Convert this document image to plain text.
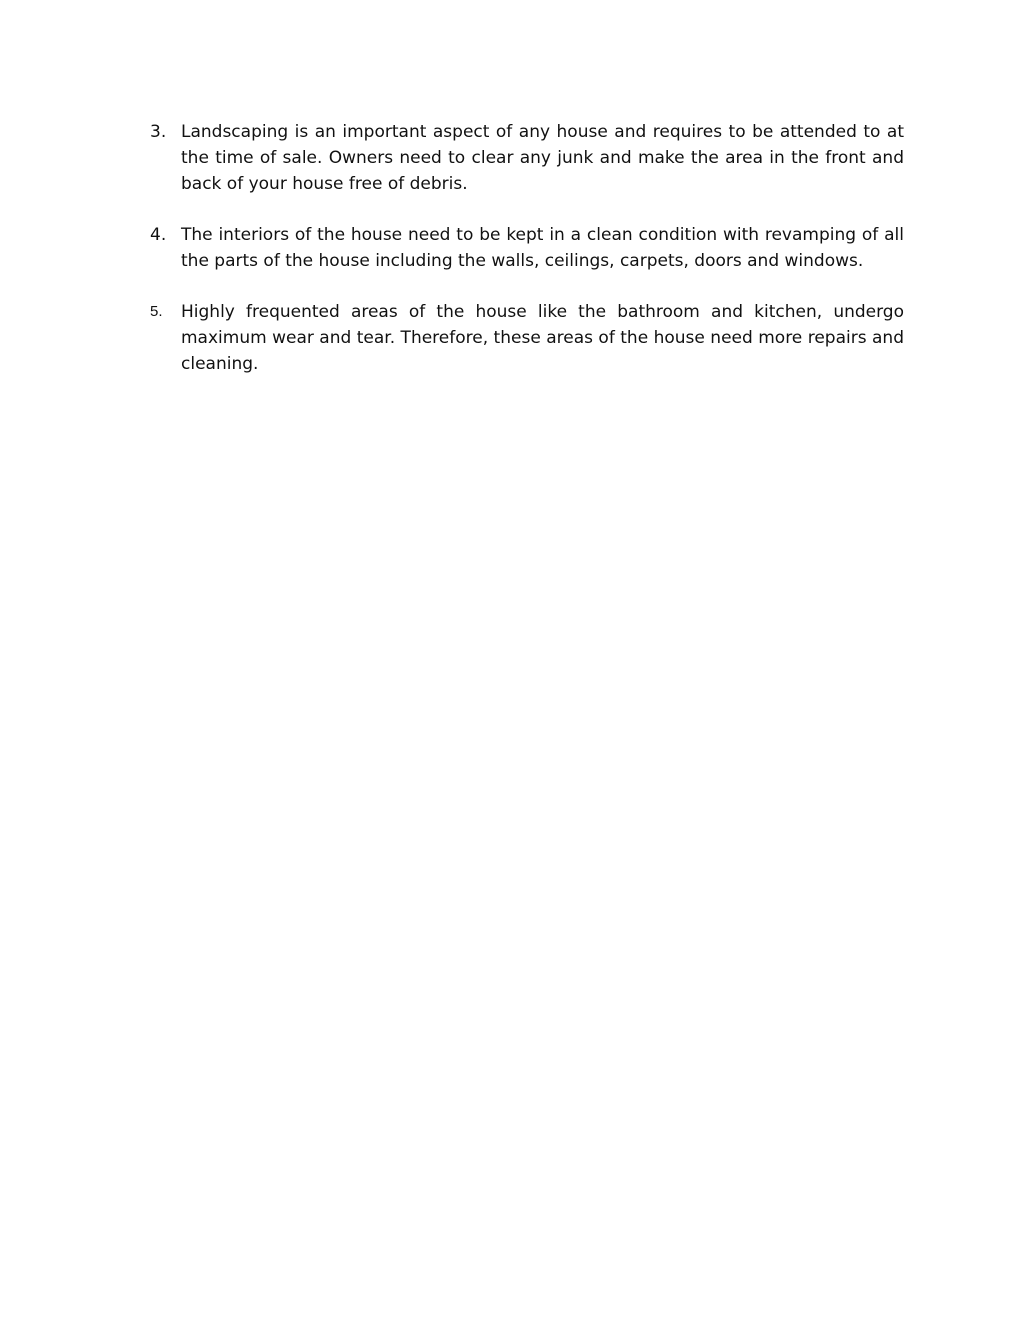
3. Landscaping is an important aspect of any house and requires to be attended to at the time of sale. Owners need to clear any junk and make the area in the front and back of your house free of debris.
4. The interiors of the house need to be kept in a clean condition with revamping of all the parts of the house including the walls, ceilings, carpets, doors and windows.
5.	Highly frequented areas of the house like the bathroom and kitchen, undergo maximum wear and tear. Therefore, these areas of the house need more repairs and cleaning.
